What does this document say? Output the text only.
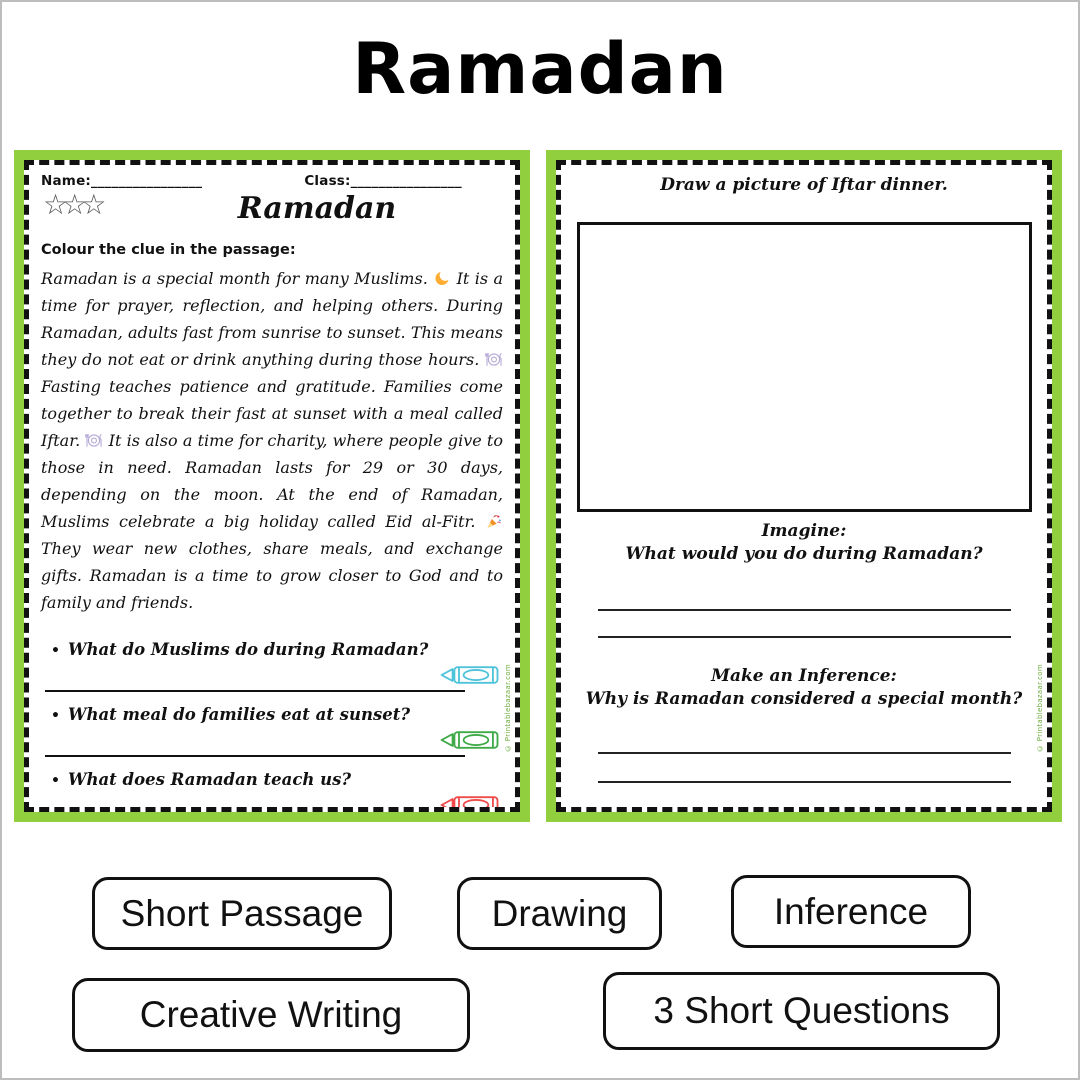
Ramadan
Name:________________	Class:________________
☆☆☆	Ramadan
Colour the clue in the passage:
Ramadan is a special month for many Muslims.
It is a time for prayer, reflection, and helping others. During Ramadan, adults fast from sunrise to sunset. This means they do not eat or drink anything during those hours.
Fasting teaches patience and gratitude. Families come together to break their fast at sunset with a meal called Iftar.
It is also a time for charity, where people give to those in need. Ramadan lasts for 29 or 30 days, depending on the moon. At the end of Ramadan, Muslims celebrate a big holiday called Eid al-Fitr.
They wear new clothes, share meals, and exchange gifts. Ramadan is a time to grow closer to God and to family and friends.
• What do Muslims do during Ramadan?
• What meal do families eat at sunset?
• What does Ramadan teach us?
© Printablebazaar.com
Draw a picture of Iftar dinner.
Imagine:
What would you do during Ramadan?
Make an Inference:
Why is Ramadan considered a special month?	© Printablebazaar.com
Short Passage	Drawing	Inference
Creative Writing	3 Short Questions
